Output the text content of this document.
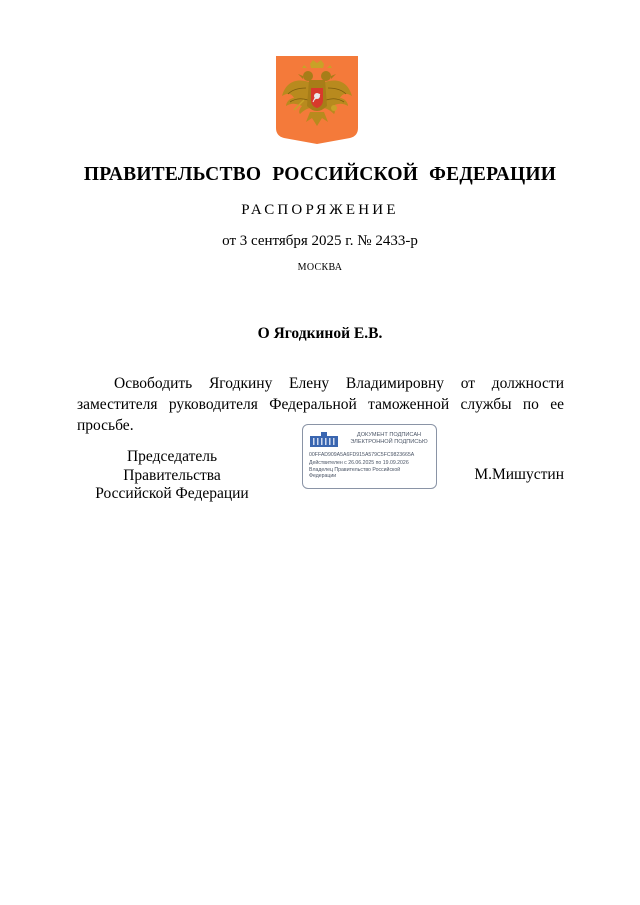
ПРАВИТЕЛЬСТВО РОССИЙСКОЙ ФЕДЕРАЦИИ
РАСПОРЯЖЕНИЕ
от 3 сентября 2025 г. № 2433-р
МОСКВА
О Ягодкиной Е.В.
Освободить Ягодкину Елену Владимировну от должности заместителя руководителя Федеральной таможенной службы по ее просьбе.
Председатель Правительства
Российской Федерации
ДОКУМЕНТ ПОДПИСАН
ЭЛЕКТРОННОЙ ПОДПИСЬЮ
00FFAD909A5A6FD915A579C5FC9823665A
Действителен с 26.06.2025 по 19.09.2026
Владелец Правительство Российской Федерации	М.Мишустин
